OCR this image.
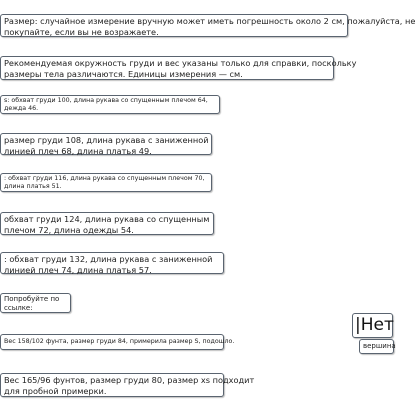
Размер: случайное измерение вручную может иметь погрешность около 2 см, пожалуйста, не
покупайте, если вы не возражаете.
Рекомендуемая окружность груди и вес указаны только для справки, поскольку
размеры тела различаются. Единицы измерения — см.
s: обхват груди 100, длина рукава со спущенным плечом 64,
дежда 46.
размер груди 108, длина рукава с заниженной
линией плеч 68, длина платья 49.
: обхват груди 116, длина рукава со спущенным плечом 70,
длина платья 51.
обхват груди 124, длина рукава со спущенным
плечом 72, длина одежды 54.
: обхват груди 132, длина рукава с заниженной
линией плеч 74, длина платья 57.
Попробуйте по
ссылке:
Вес 158/102 фунта, размер груди 84, примерила размер S, подошло.
Вес 165/96 фунтов, размер груди 80, размер xs подходит
для пробной примерки.
|Нет
вершина
